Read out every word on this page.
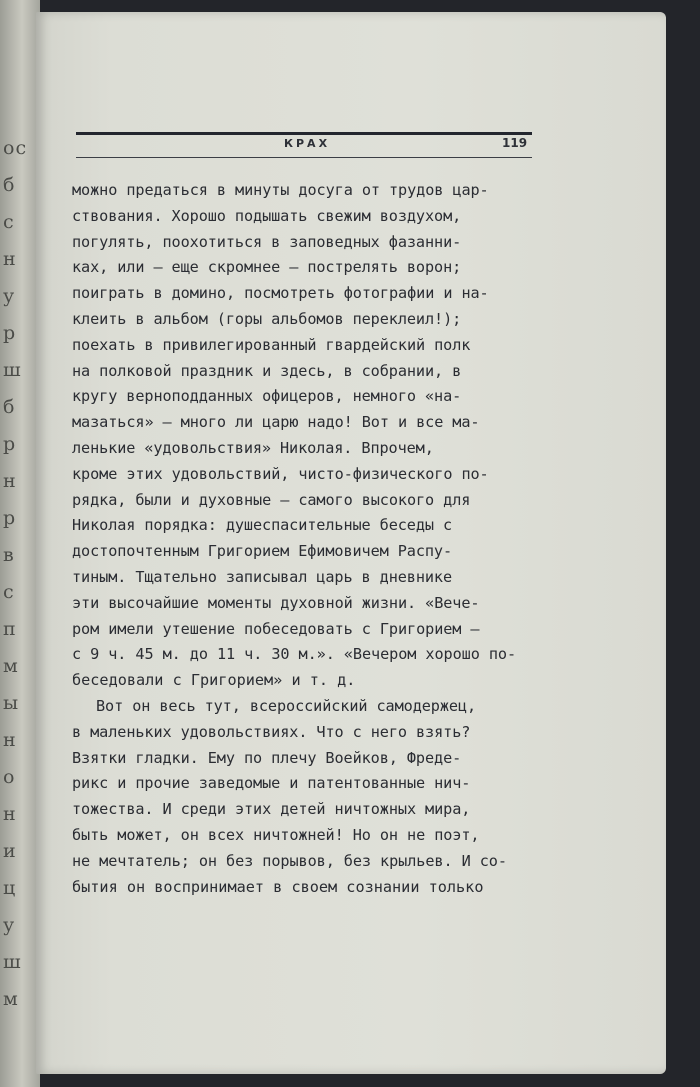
ос
б
с
н
у
р
ш
б
р
н
р
в
с
п
м
ы
н
о
н
и
ц
у
ш
м
КРАХ	119
можно предаться в минуты досуга от трудов цар-
ствования. Хорошо подышать свежим воздухом,
погулять, поохотиться в заповедных фазанни-
ках, или — еще скромнее — пострелять ворон;
поиграть в домино, посмотреть фотографии и на-
клеить в альбом (горы альбомов переклеил!);
поехать в привилегированный гвардейский полк
на полковой праздник и здесь, в собрании, в
кругу верноподданных офицеров, немного «на-
мазаться» — много ли царю надо! Вот и все ма-
ленькие «удовольствия» Николая. Впрочем,
кроме этих удовольствий, чисто-физического по-
рядка, были и духовные — самого высокого для
Николая порядка: душеспасительные беседы с
достопочтенным Григорием Ефимовичем Распу-
тиным. Тщательно записывал царь в дневнике
эти высочайшие моменты духовной жизни. «Вече-
ром имели утешение побеседовать с Григорием —
с 9 ч. 45 м. до 11 ч. 30 м.». «Вечером хорошо по-
беседовали с Григорием» и т. д.
Вот он весь тут, всероссийский самодержец,
в маленьких удовольствиях. Что с него взять?
Взятки гладки. Ему по плечу Воейков, Фреде-
рикс и прочие заведомые и патентованные нич-
тожества. И среди этих детей ничтожных мира,
быть может, он всех ничтожней! Но он не поэт,
не мечтатель; он без порывов, без крыльев. И со-
бытия он воспринимает в своем сознании только
